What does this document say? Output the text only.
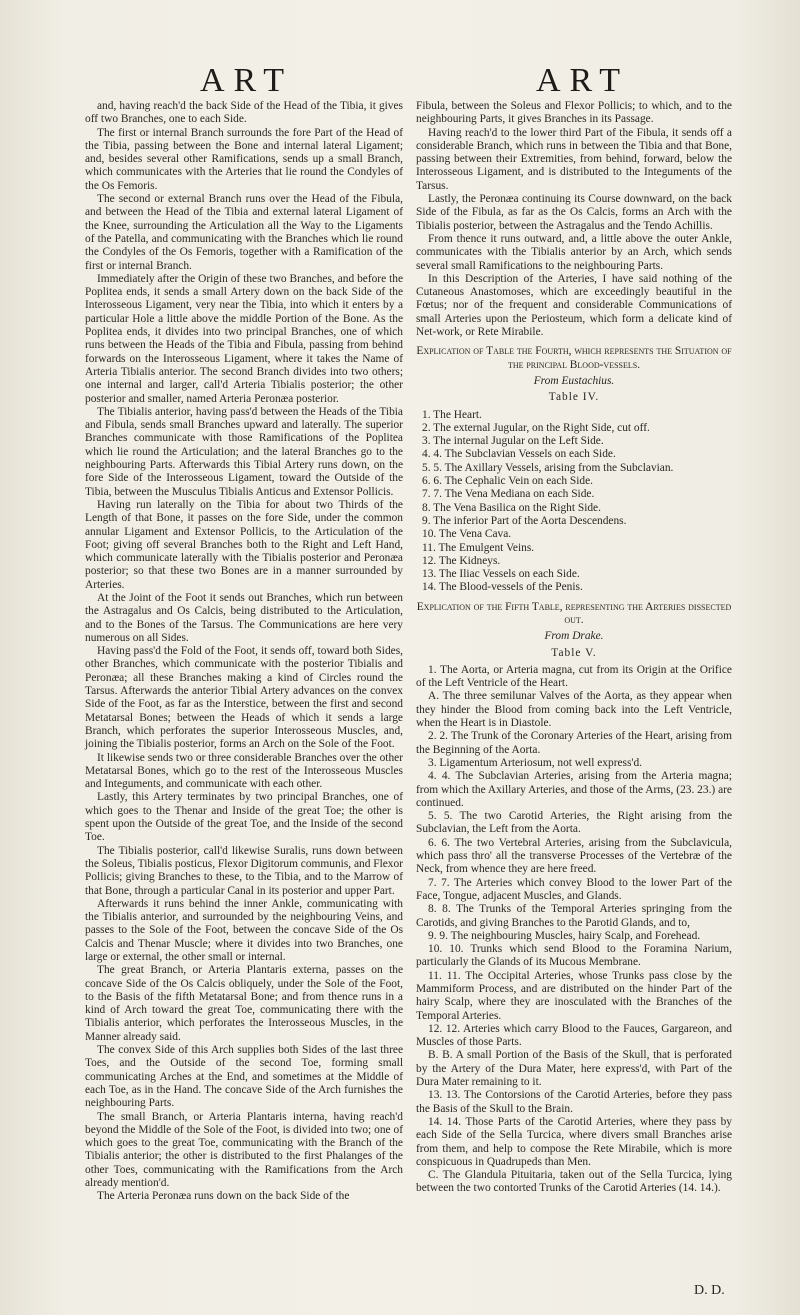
ART	ART

and, having reach'd the back Side of the Head of the Tibia, it gives off two Branches, one to each Side.

The first or internal Branch surrounds the fore Part of the Head of the Tibia, passing between the Bone and internal lateral Ligament; and, besides several other Ramifications, sends up a small Branch, which communicates with the Arteries that lie round the Condyles of the Os Femoris.

The second or external Branch runs over the Head of the Fibula, and between the Head of the Tibia and external lateral Ligament of the Knee, surrounding the Articulation all the Way to the Ligaments of the Patella, and communicating with the Branches which lie round the Condyles of the Os Femoris, together with a Ramification of the first or internal Branch.

Immediately after the Origin of these two Branches, and before the Poplitea ends, it sends a small Artery down on the back Side of the Interosseous Ligament, very near the Tibia, into which it enters by a particular Hole a little above the middle Portion of the Bone. As the Poplitea ends, it divides into two principal Branches, one of which runs between the Heads of the Tibia and Fibula, passing from behind forwards on the Interosseous Ligament, where it takes the Name of Arteria Tibialis anterior. The second Branch divides into two others; one internal and larger, call'd Arteria Tibialis posterior; the other posterior and smaller, named Arteria Peronæa posterior.

The Tibialis anterior, having pass'd between the Heads of the Tibia and Fibula, sends small Branches upward and laterally. The superior Branches communicate with those Ramifications of the Poplitea which lie round the Articulation; and the lateral Branches go to the neighbouring Parts. Afterwards this Tibial Artery runs down, on the fore Side of the Interosseous Ligament, toward the Outside of the Tibia, between the Musculus Tibialis Anticus and Extensor Pollicis.

Having run laterally on the Tibia for about two Thirds of the Length of that Bone, it passes on the fore Side, under the common annular Ligament and Extensor Pollicis, to the Articulation of the Foot; giving off several Branches both to the Right and Left Hand, which communicate laterally with the Tibialis posterior and Peronæa posterior; so that these two Bones are in a manner surrounded by Arteries.

At the Joint of the Foot it sends out Branches, which run between the Astragalus and Os Calcis, being distributed to the Articulation, and to the Bones of the Tarsus. The Communications are here very numerous on all Sides.

Having pass'd the Fold of the Foot, it sends off, toward both Sides, other Branches, which communicate with the posterior Tibialis and Peronæa; all these Branches making a kind of Circles round the Tarsus. Afterwards the anterior Tibial Artery advances on the convex Side of the Foot, as far as the Interstice, between the first and second Metatarsal Bones; between the Heads of which it sends a large Branch, which perforates the superior Interosseous Muscles, and, joining the Tibialis posterior, forms an Arch on the Sole of the Foot.

It likewise sends two or three considerable Branches over the other Metatarsal Bones, which go to the rest of the Interosseous Muscles and Integuments, and communicate with each other.

Lastly, this Artery terminates by two principal Branches, one of which goes to the Thenar and Inside of the great Toe; the other is spent upon the Outside of the great Toe, and the Inside of the second Toe.

The Tibialis posterior, call'd likewise Suralis, runs down between the Soleus, Tibialis posticus, Flexor Digitorum communis, and Flexor Pollicis; giving Branches to these, to the Tibia, and to the Marrow of that Bone, through a particular Canal in its posterior and upper Part.

Afterwards it runs behind the inner Ankle, communicating with the Tibialis anterior, and surrounded by the neighbouring Veins, and passes to the Sole of the Foot, between the concave Side of the Os Calcis and Thenar Muscle; where it divides into two Branches, one large or external, the other small or internal.

The great Branch, or Arteria Plantaris externa, passes on the concave Side of the Os Calcis obliquely, under the Sole of the Foot, to the Basis of the fifth Metatarsal Bone; and from thence runs in a kind of Arch toward the great Toe, communicating there with the Tibialis anterior, which perforates the Interosseous Muscles, in the Manner already said.

The convex Side of this Arch supplies both Sides of the last three Toes, and the Outside of the second Toe, forming small communicating Arches at the End, and sometimes at the Middle of each Toe, as in the Hand. The concave Side of the Arch furnishes the neighbouring Parts.

The small Branch, or Arteria Plantaris interna, having reach'd beyond the Middle of the Sole of the Foot, is divided into two; one of which goes to the great Toe, communicating with the Branch of the Tibialis anterior; the other is distributed to the first Phalanges of the other Toes, communicating with the Ramifications from the Arch already mention'd.

The Arteria Peronæa runs down on the back Side of the

Fibula, between the Soleus and Flexor Pollicis; to which, and to the neighbouring Parts, it gives Branches in its Passage.

Having reach'd to the lower third Part of the Fibula, it sends off a considerable Branch, which runs in between the Tibia and that Bone, passing between their Extremities, from behind, forward, below the Interosseous Ligament, and is distributed to the Integuments of the Tarsus.

Lastly, the Peronæa continuing its Course downward, on the back Side of the Fibula, as far as the Os Calcis, forms an Arch with the Tibialis posterior, between the Astragalus and the Tendo Achillis.

From thence it runs outward, and, a little above the outer Ankle, communicates with the Tibialis anterior by an Arch, which sends several small Ramifications to the neighbouring Parts.

In this Description of the Arteries, I have said nothing of the Cutaneous Anastomoses, which are exceedingly beautiful in the Fœtus; nor of the frequent and considerable Communications of small Arteries upon the Periosteum, which form a delicate kind of Net-work, or Rete Mirabile.

Explication of Table the Fourth, which represents the Situation of the principal Blood-vessels.

From Eustachius.

Table IV.

1. The Heart.
2. The external Jugular, on the Right Side, cut off.
3. The internal Jugular on the Left Side.
4. 4. The Subclavian Vessels on each Side.
5. 5. The Axillary Vessels, arising from the Subclavian.
6. 6. The Cephalic Vein on each Side.
7. 7. The Vena Mediana on each Side.
8. The Vena Basilica on the Right Side.
9. The inferior Part of the Aorta Descendens.
10. The Vena Cava.
11. The Emulgent Veins.
12. The Kidneys.
13. The Iliac Vessels on each Side.
14. The Blood-vessels of the Penis.

Explication of the Fifth Table, representing the Arteries dissected out.

From Drake.

Table V.

1. The Aorta, or Arteria magna, cut from its Origin at the Orifice of the Left Ventricle of the Heart.

A. The three semilunar Valves of the Aorta, as they appear when they hinder the Blood from coming back into the Left Ventricle, when the Heart is in Diastole.

2. 2. The Trunk of the Coronary Arteries of the Heart, arising from the Beginning of the Aorta.

3. Ligamentum Arteriosum, not well express'd.

4. 4. The Subclavian Arteries, arising from the Arteria magna; from which the Axillary Arteries, and those of the Arms, (23. 23.) are continued.

5. 5. The two Carotid Arteries, the Right arising from the Subclavian, the Left from the Aorta.

6. 6. The two Vertebral Arteries, arising from the Subclavicula, which pass thro' all the transverse Processes of the Vertebræ of the Neck, from whence they are here freed.

7. 7. The Arteries which convey Blood to the lower Part of the Face, Tongue, adjacent Muscles, and Glands.

8. 8. The Trunks of the Temporal Arteries springing from the Carotids, and giving Branches to the Parotid Glands, and to,

9. 9. The neighbouring Muscles, hairy Scalp, and Forehead.

10. 10. Trunks which send Blood to the Foramina Narium, particularly the Glands of its Mucous Membrane.

11. 11. The Occipital Arteries, whose Trunks pass close by the Mammiform Process, and are distributed on the hinder Part of the hairy Scalp, where they are inosculated with the Branches of the Temporal Arteries.

12. 12. Arteries which carry Blood to the Fauces, Gargareon, and Muscles of those Parts.

B. B. A small Portion of the Basis of the Skull, that is perforated by the Artery of the Dura Mater, here express'd, with Part of the Dura Mater remaining to it.

13. 13. The Contorsions of the Carotid Arteries, before they pass the Basis of the Skull to the Brain.

14. 14. Those Parts of the Carotid Arteries, where they pass by each Side of the Sella Turcica, where divers small Branches arise from them, and help to compose the Rete Mirabile, which is more conspicuous in Quadrupeds than Men.

C. The Glandula Pituitaria, taken out of the Sella Turcica, lying between the two contorted Trunks of the Carotid Arteries (14. 14.).

D. D.
